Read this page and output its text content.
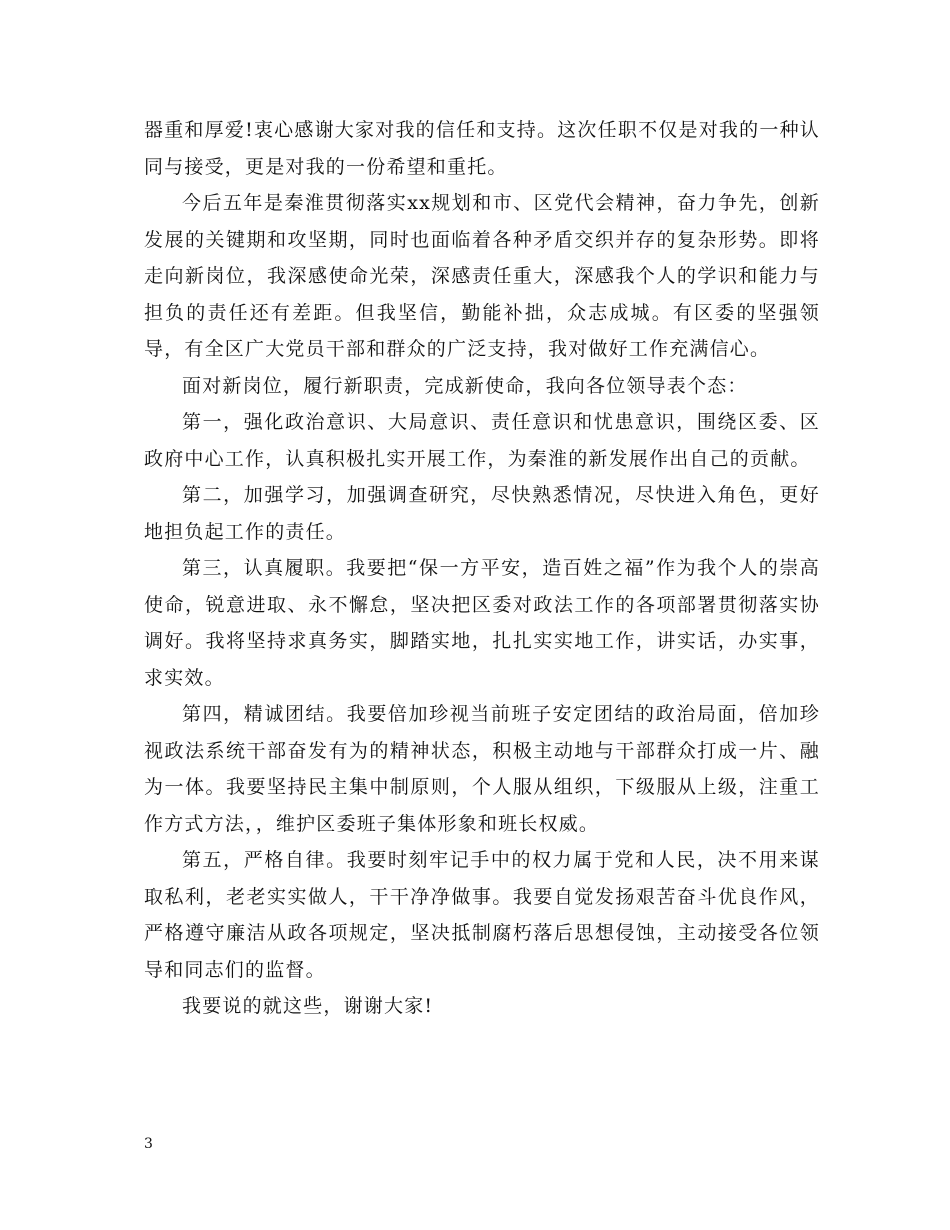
器重和厚爱!衷心感谢大家对我的信任和支持。这次任职不仅是对我的一种认同与接受，更是对我的一份希望和重托。

今后五年是秦淮贯彻落实xx规划和市、区党代会精神，奋力争先，创新发展的关键期和攻坚期，同时也面临着各种矛盾交织并存的复杂形势。即将走向新岗位，我深感使命光荣，深感责任重大，深感我个人的学识和能力与担负的责任还有差距。但我坚信，勤能补拙，众志成城。有区委的坚强领导，有全区广大党员干部和群众的广泛支持，我对做好工作充满信心。

面对新岗位，履行新职责，完成新使命，我向各位领导表个态：

第一，强化政治意识、大局意识、责任意识和忧患意识，围绕区委、区政府中心工作，认真积极扎实开展工作，为秦淮的新发展作出自己的贡献。

第二，加强学习，加强调查研究，尽快熟悉情况，尽快进入角色，更好地担负起工作的责任。

第三，认真履职。我要把“保一方平安，造百姓之福”作为我个人的崇高使命，锐意进取、永不懈怠，坚决把区委对政法工作的各项部署贯彻落实协调好。我将坚持求真务实，脚踏实地，扎扎实实地工作，讲实话，办实事，求实效。

第四，精诚团结。我要倍加珍视当前班子安定团结的政治局面，倍加珍视政法系统干部奋发有为的精神状态，积极主动地与干部群众打成一片、融为一体。我要坚持民主集中制原则，个人服从组织，下级服从上级，注重工作方式方法，，维护区委班子集体形象和班长权威。

第五，严格自律。我要时刻牢记手中的权力属于党和人民，决不用来谋取私利，老老实实做人，干干净净做事。我要自觉发扬艰苦奋斗优良作风，严格遵守廉洁从政各项规定，坚决抵制腐朽落后思想侵蚀，主动接受各位领导和同志们的监督。

我要说的就这些，谢谢大家!

3
